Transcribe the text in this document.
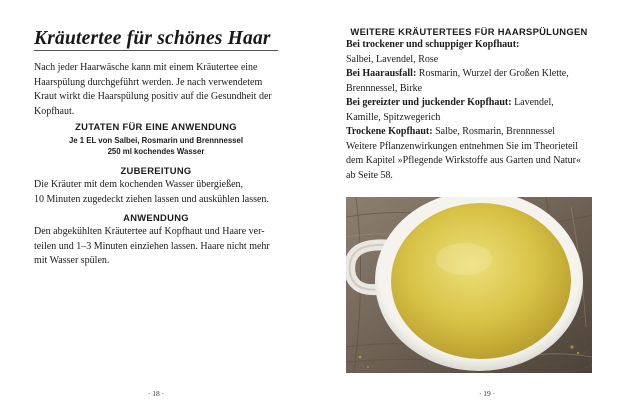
Kräutertee für schönes Haar
Nach jeder Haarwäsche kann mit einem Kräutertee eine
Haarspülung durchgeführt werden. Je nach verwendetem
Kraut wirkt die Haarspülung positiv auf die Gesundheit der
Kopfhaut.
ZUTATEN FÜR EINE ANWENDUNG
Je 1 EL von Salbei, Rosmarin und Brennnessel
250 ml kochendes Wasser
ZUBEREITUNG
Die Kräuter mit dem kochenden Wasser übergießen,
10 Minuten zugedeckt ziehen lassen und auskühlen lassen.
ANWENDUNG
Den abgekühlten Kräutertee auf Kopfhaut und Haare ver-
teilen und 1–3 Minuten einziehen lassen. Haare nicht mehr
mit Wasser spülen.
· 18 ·
WEITERE KRÄUTERTEES FÜR HAARSPÜLUNGEN
Bei trockener und schuppiger Kopfhaut:
Salbei, Lavendel, Rose
Bei Haarausfall: Rosmarin, Wurzel der Großen Klette,
Brennnessel, Birke
Bei gereizter und juckender Kopfhaut: Lavendel,
Kamille, Spitzwegerich
Trockene Kopfhaut: Salbe, Rosmarin, Brennnessel
Weitere Pflanzenwirkungen entnehmen Sie im Theorieteil
dem Kapitel »Pflegende Wirkstoffe aus Garten und Natur«
ab Seite 58.
· 19 ·
